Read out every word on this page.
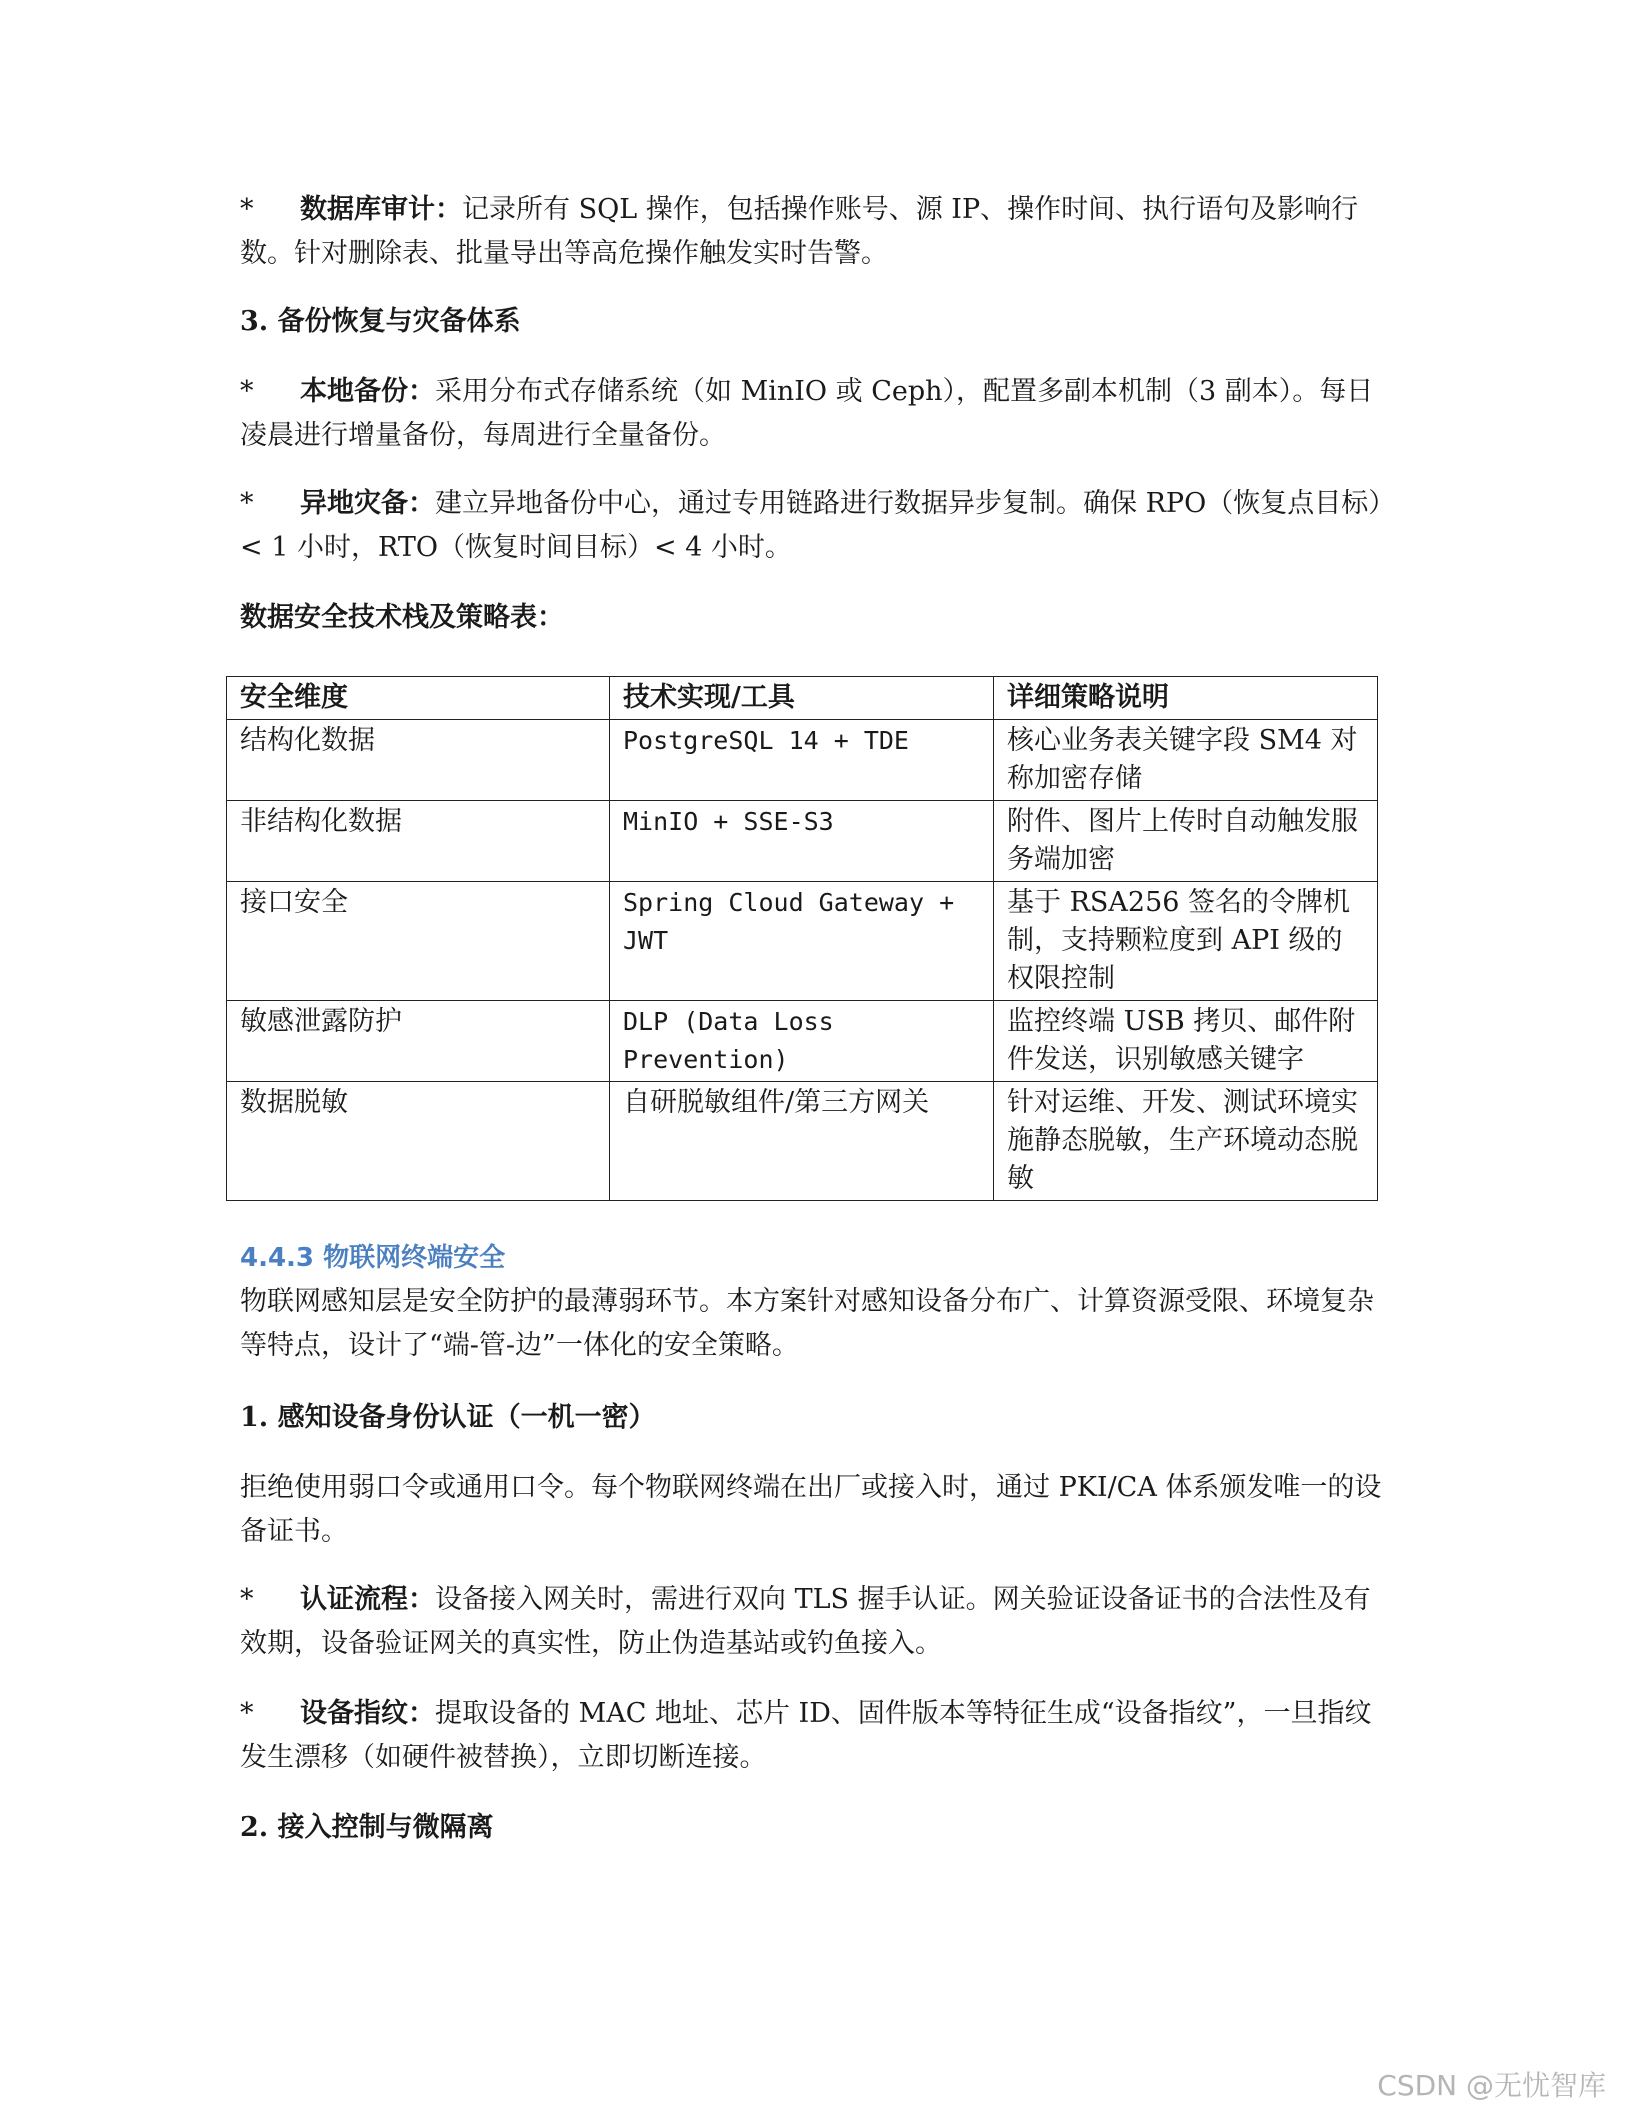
* 数据库审计：记录所有 SQL 操作，包括操作账号、源 IP、操作时间、执行语句及影响行数。针对删除表、批量导出等高危操作触发实时告警。

3. 备份恢复与灾备体系

* 本地备份：采用分布式存储系统（如 MinIO 或 Ceph），配置多副本机制（3 副本）。每日凌晨进行增量备份，每周进行全量备份。

* 异地灾备：建立异地备份中心，通过专用链路进行数据异步复制。确保 RPO（恢复点目标）< 1 小时，RTO（恢复时间目标）< 4 小时。

数据安全技术栈及策略表：

安全维度	技术实现/工具	详细策略说明
结构化数据	PostgreSQL 14 + TDE	核心业务表关键字段 SM4 对称加密存储
非结构化数据	MinIO + SSE-S3	附件、图片上传时自动触发服务端加密
接口安全	Spring Cloud Gateway + JWT	基于 RSA256 签名的令牌机制，支持颗粒度到 API 级的权限控制
敏感泄露防护	DLP (Data Loss Prevention)	监控终端 USB 拷贝、邮件附件发送，识别敏感关键字
数据脱敏	自研脱敏组件/第三方网关	针对运维、开发、测试环境实施静态脱敏，生产环境动态脱敏

4.4.3 物联网终端安全

物联网感知层是安全防护的最薄弱环节。本方案针对感知设备分布广、计算资源受限、环境复杂等特点，设计了“端-管-边”一体化的安全策略。

1. 感知设备身份认证（一机一密）

拒绝使用弱口令或通用口令。每个物联网终端在出厂或接入时，通过 PKI/CA 体系颁发唯一的设备证书。

* 认证流程：设备接入网关时，需进行双向 TLS 握手认证。网关验证设备证书的合法性及有效期，设备验证网关的真实性，防止伪造基站或钓鱼接入。

* 设备指纹：提取设备的 MAC 地址、芯片 ID、固件版本等特征生成“设备指纹”，一旦指纹发生漂移（如硬件被替换），立即切断连接。

2. 接入控制与微隔离

CSDN @无忧智库
